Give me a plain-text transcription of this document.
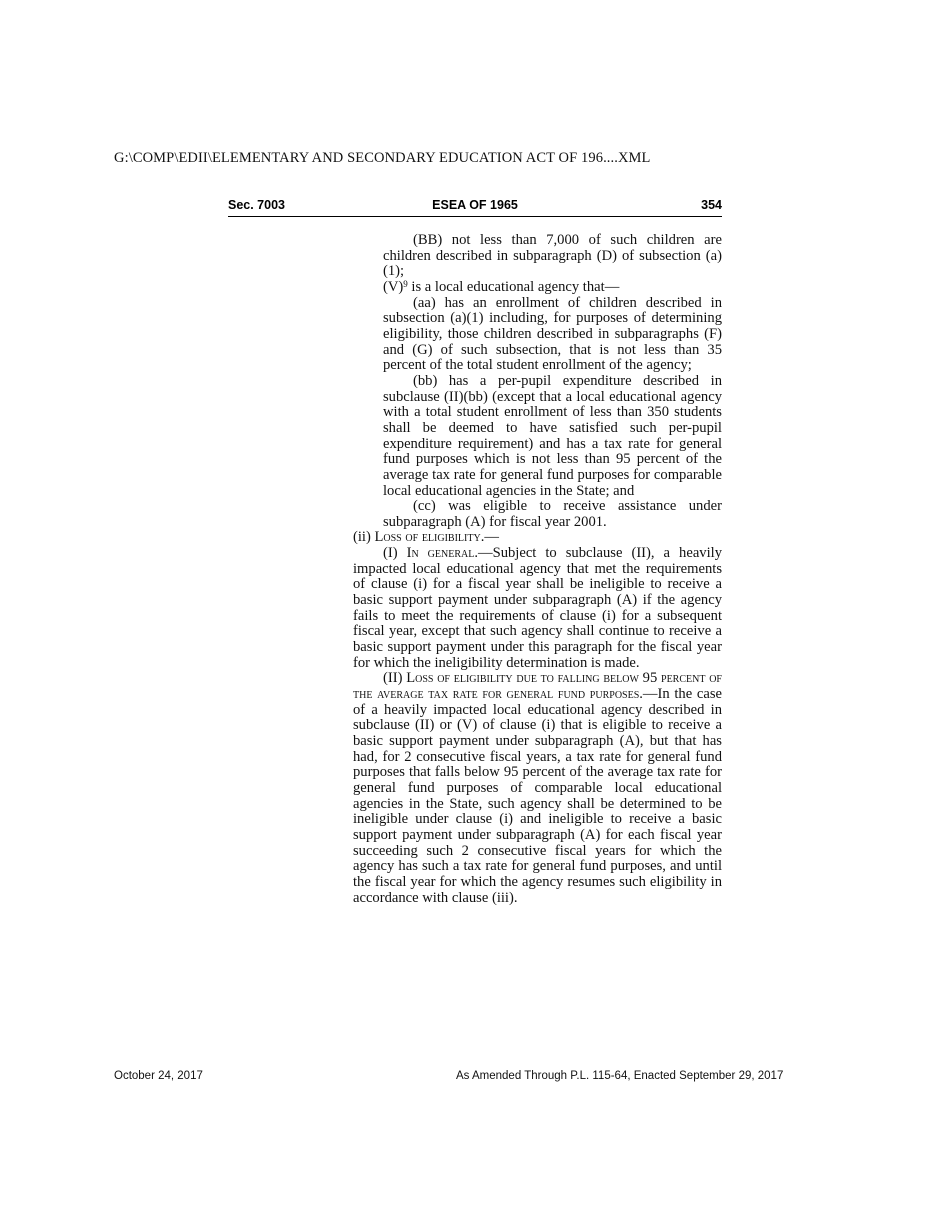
G:\COMP\EDII\ELEMENTARY AND SECONDARY EDUCATION ACT OF 196....XML
Sec. 7003	ESEA OF 1965	354

(BB) not less than 7,000 of such children are children described in subparagraph (D) of subsection (a)(1);

$(V)^9$ is a local educational agency that—

(aa) has an enrollment of children described in subsection (a)(1) including, for purposes of determining eligibility, those children described in subparagraphs (F) and (G) of such subsection, that is not less than 35 percent of the total student enrollment of the agency;

(bb) has a per-pupil expenditure described in subclause (II)(bb) (except that a local educational agency with a total student enrollment of less than 350 students shall be deemed to have satisfied such per-pupil expenditure requirement) and has a tax rate for general fund purposes which is not less than 95 percent of the average tax rate for general fund purposes for comparable local educational agencies in the State; and

(cc) was eligible to receive assistance under subparagraph (A) for fiscal year 2001.

(ii) Loss of eligibility.—

(I) In general.—Subject to subclause (II), a heavily impacted local educational agency that met the requirements of clause (i) for a fiscal year shall be ineligible to receive a basic support payment under subparagraph (A) if the agency fails to meet the requirements of clause (i) for a subsequent fiscal year, except that such agency shall continue to receive a basic support payment under this paragraph for the fiscal year for which the ineligibility determination is made.

(II) Loss of eligibility due to falling below 95 percent of the average tax rate for general fund purposes.—In the case of a heavily impacted local educational agency described in subclause (II) or (V) of clause (i) that is eligible to receive a basic support payment under subparagraph (A), but that has had, for 2 consecutive fiscal years, a tax rate for general fund purposes that falls below 95 percent of the average tax rate for general fund purposes of comparable local educational agencies in the State, such agency shall be determined to be ineligible under clause (i) and ineligible to receive a basic support payment under subparagraph (A) for each fiscal year succeeding such 2 consecutive fiscal years for which the agency has such a tax rate for general fund purposes, and until the fiscal year for which the agency resumes such eligibility in accordance with clause (iii).

October 24, 2017	As Amended Through P.L. 115-64, Enacted September 29, 2017
